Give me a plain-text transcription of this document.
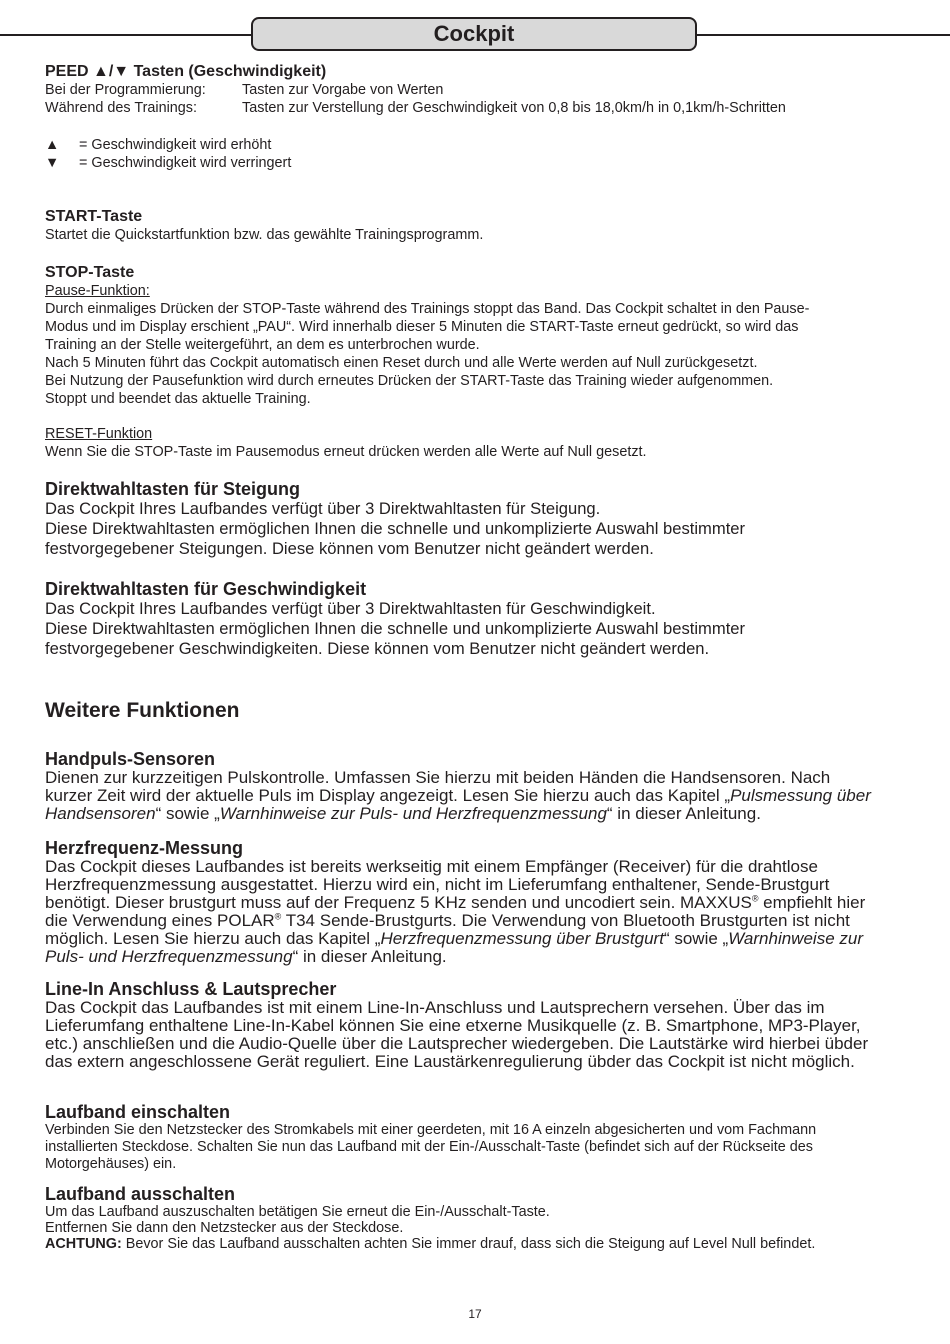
Cockpit

PEED ▲/▼ Tasten (Geschwindigkeit)

Bei der Programmierung:	Tasten zur Vorgabe von Werten
Während des Trainings:	Tasten zur Verstellung der Geschwindigkeit von 0,8 bis 18,0km/h in 0,1km/h-Schritten

▲ = Geschwindigkeit wird erhöht

▼ = Geschwindigkeit wird verringert

START-Taste

Startet die Quickstartfunktion bzw. das gewählte Trainingsprogramm.

STOP-Taste

Pause-Funktion:

Durch einmaliges Drücken der STOP-Taste während des Trainings stoppt das Band. Das Cockpit schaltet in den Pause-

Modus und im Display erschient „PAU“. Wird innerhalb dieser 5 Minuten die START-Taste erneut gedrückt, so wird das

Training an der Stelle weitergeführt, an dem es unterbrochen wurde.

Nach 5 Minuten führt das Cockpit automatisch einen Reset durch und alle Werte werden auf Null zurückgesetzt.

Bei Nutzung der Pausefunktion wird durch erneutes Drücken der START-Taste das Training wieder aufgenommen.

Stoppt und beendet das aktuelle Training.

RESET-Funktion

Wenn Sie die STOP-Taste im Pausemodus erneut drücken werden alle Werte auf Null gesetzt.

Direktwahltasten für Steigung

Das Cockpit Ihres Laufbandes verfügt über 3 Direktwahltasten für Steigung.

Diese Direktwahltasten ermöglichen Ihnen die schnelle und unkomplizierte Auswahl bestimmter

festvorgegebener Steigungen. Diese können vom Benutzer nicht geändert werden.

Direktwahltasten für Geschwindigkeit

Das Cockpit Ihres Laufbandes verfügt über 3 Direktwahltasten für Geschwindigkeit.

Diese Direktwahltasten ermöglichen Ihnen die schnelle und unkomplizierte Auswahl bestimmter

festvorgegebener Geschwindigkeiten. Diese können vom Benutzer nicht geändert werden.

Weitere Funktionen

Handpuls-Sensoren

Dienen zur kurzzeitigen Pulskontrolle. Umfassen Sie hierzu mit beiden Händen die Handsensoren. Nach

kurzer Zeit wird der aktuelle Puls im Display angezeigt. Lesen Sie hierzu auch das Kapitel „Pulsmessung über

Handsensoren“ sowie „Warnhinweise zur Puls- und Herzfrequenzmessung“ in dieser Anleitung.

Herzfrequenz-Messung

Das Cockpit dieses Laufbandes ist bereits werkseitig mit einem Empfänger (Receiver) für die drahtlose

Herzfrequenzmessung ausgestattet. Hierzu wird ein, nicht im Lieferumfang enthaltener, Sende-Brustgurt

benötigt. Dieser brustgurt muss auf der Frequenz 5 KHz senden und uncodiert sein. MAXXUS® empfiehlt hier

die Verwendung eines POLAR® T34 Sende-Brustgurts. Die Verwendung von Bluetooth Brustgurten ist nicht

möglich. Lesen Sie hierzu auch das Kapitel „Herzfrequenzmessung über Brustgurt“ sowie „Warnhinweise zur

Puls- und Herzfrequenzmessung“ in dieser Anleitung.

Line-In Anschluss & Lautsprecher

Das Cockpit das Laufbandes ist mit einem Line-In-Anschluss und Lautsprechern versehen. Über das im

Lieferumfang enthaltene Line-In-Kabel können Sie eine etxerne Musikquelle (z. B. Smartphone, MP3-Player,

etc.) anschließen und die Audio-Quelle über die Lautsprecher wiedergeben. Die Lautstärke wird hierbei übder

das extern angeschlossene Gerät reguliert. Eine Laustärkenregulierung übder das Cockpit ist nicht möglich.

Laufband einschalten

Verbinden Sie den Netzstecker des Stromkabels mit einer geerdeten, mit 16 A einzeln abgesicherten und vom Fachmann

installierten Steckdose. Schalten Sie nun das Laufband mit der Ein-/Ausschalt-Taste (befindet sich auf der Rückseite des

Motorgehäuses) ein.

Laufband ausschalten

Um das Laufband auszuschalten betätigen Sie erneut die Ein-/Ausschalt-Taste.

Entfernen Sie dann den Netzstecker aus der Steckdose.

ACHTUNG: Bevor Sie das Laufband ausschalten achten Sie immer drauf, dass sich die Steigung auf Level Null befindet.

17
